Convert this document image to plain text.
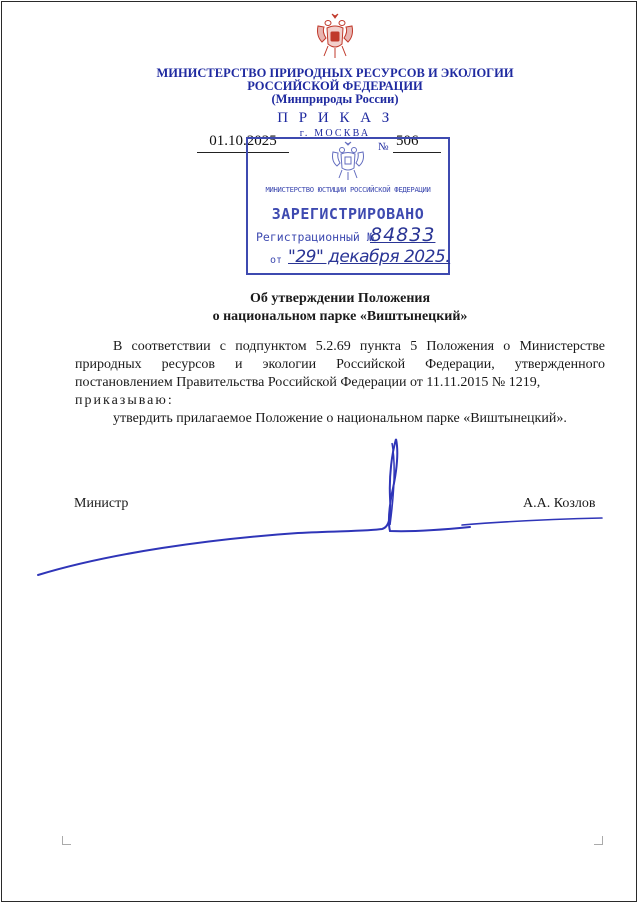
МИНИСТЕРСТВО ПРИРОДНЫХ РЕСУРСОВ И ЭКОЛОГИИ
РОССИЙСКОЙ ФЕДЕРАЦИИ
(Минприроды России)
П Р И К А З
г. МОСКВА
01.10.2025	№ 506
МИНИСТЕРСТВО ЮСТИЦИИ РОССИЙСКОЙ ФЕДЕРАЦИИ
ЗАРЕГИСТРИРОВАНО
Регистрационный №
84833
от "29" декабря 2025.
Об утверждении Положения
о национальном парке «Виштынецкий»

В соответствии с подпунктом 5.2.69 пункта 5 Положения о Министерстве природных ресурсов и экологии Российской Федерации, утвержденного постановлением Правительства Российской Федерации от 11.11.2015 № 1219,

приказываю:

утвердить прилагаемое Положение о национальном парке «Виштынецкий».

Министр	А.А. Козлов
